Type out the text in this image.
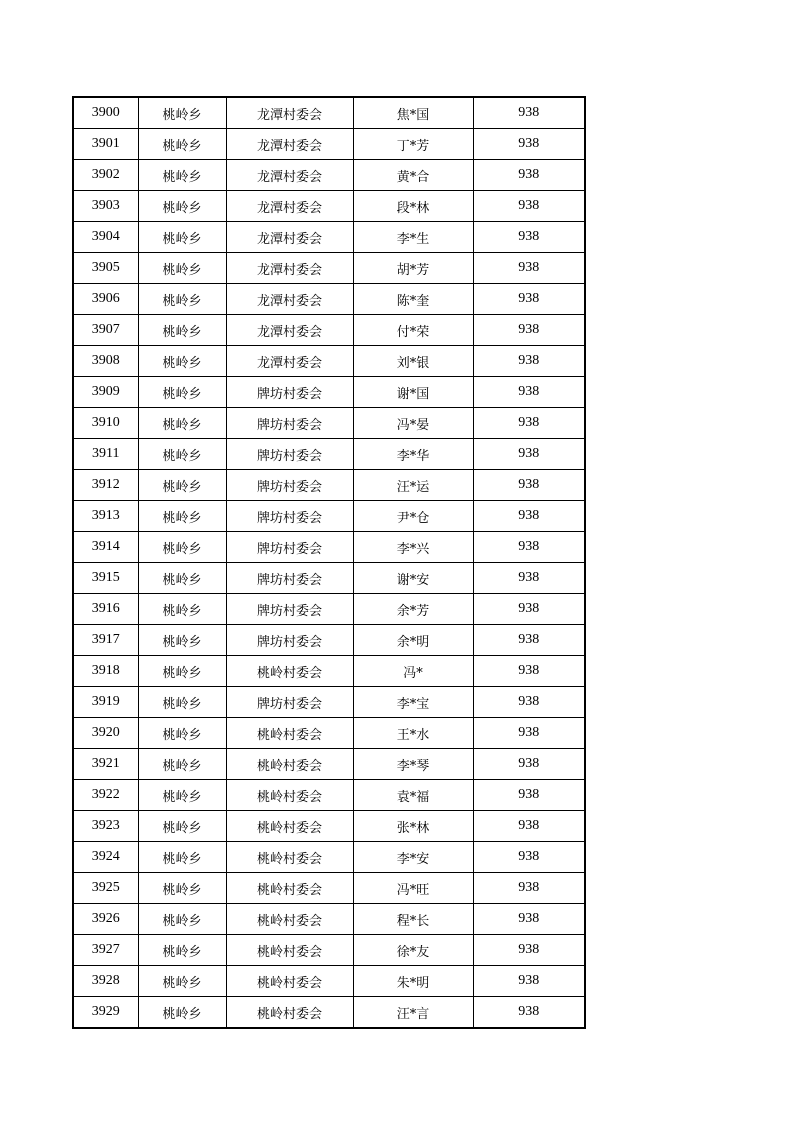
3900	桃岭乡	龙潭村委会	焦*国	938
3901	桃岭乡	龙潭村委会	丁*芳	938
3902	桃岭乡	龙潭村委会	黄*合	938
3903	桃岭乡	龙潭村委会	段*林	938
3904	桃岭乡	龙潭村委会	李*生	938
3905	桃岭乡	龙潭村委会	胡*芳	938
3906	桃岭乡	龙潭村委会	陈*奎	938
3907	桃岭乡	龙潭村委会	付*荣	938
3908	桃岭乡	龙潭村委会	刘*银	938
3909	桃岭乡	牌坊村委会	谢*国	938
3910	桃岭乡	牌坊村委会	冯*晏	938
3911	桃岭乡	牌坊村委会	李*华	938
3912	桃岭乡	牌坊村委会	汪*运	938
3913	桃岭乡	牌坊村委会	尹*仓	938
3914	桃岭乡	牌坊村委会	李*兴	938
3915	桃岭乡	牌坊村委会	谢*安	938
3916	桃岭乡	牌坊村委会	余*芳	938
3917	桃岭乡	牌坊村委会	余*明	938
3918	桃岭乡	桃岭村委会	冯*	938
3919	桃岭乡	牌坊村委会	李*宝	938
3920	桃岭乡	桃岭村委会	王*水	938
3921	桃岭乡	桃岭村委会	李*琴	938
3922	桃岭乡	桃岭村委会	袁*福	938
3923	桃岭乡	桃岭村委会	张*林	938
3924	桃岭乡	桃岭村委会	李*安	938
3925	桃岭乡	桃岭村委会	冯*旺	938
3926	桃岭乡	桃岭村委会	程*长	938
3927	桃岭乡	桃岭村委会	徐*友	938
3928	桃岭乡	桃岭村委会	朱*明	938
3929	桃岭乡	桃岭村委会	汪*言	938
